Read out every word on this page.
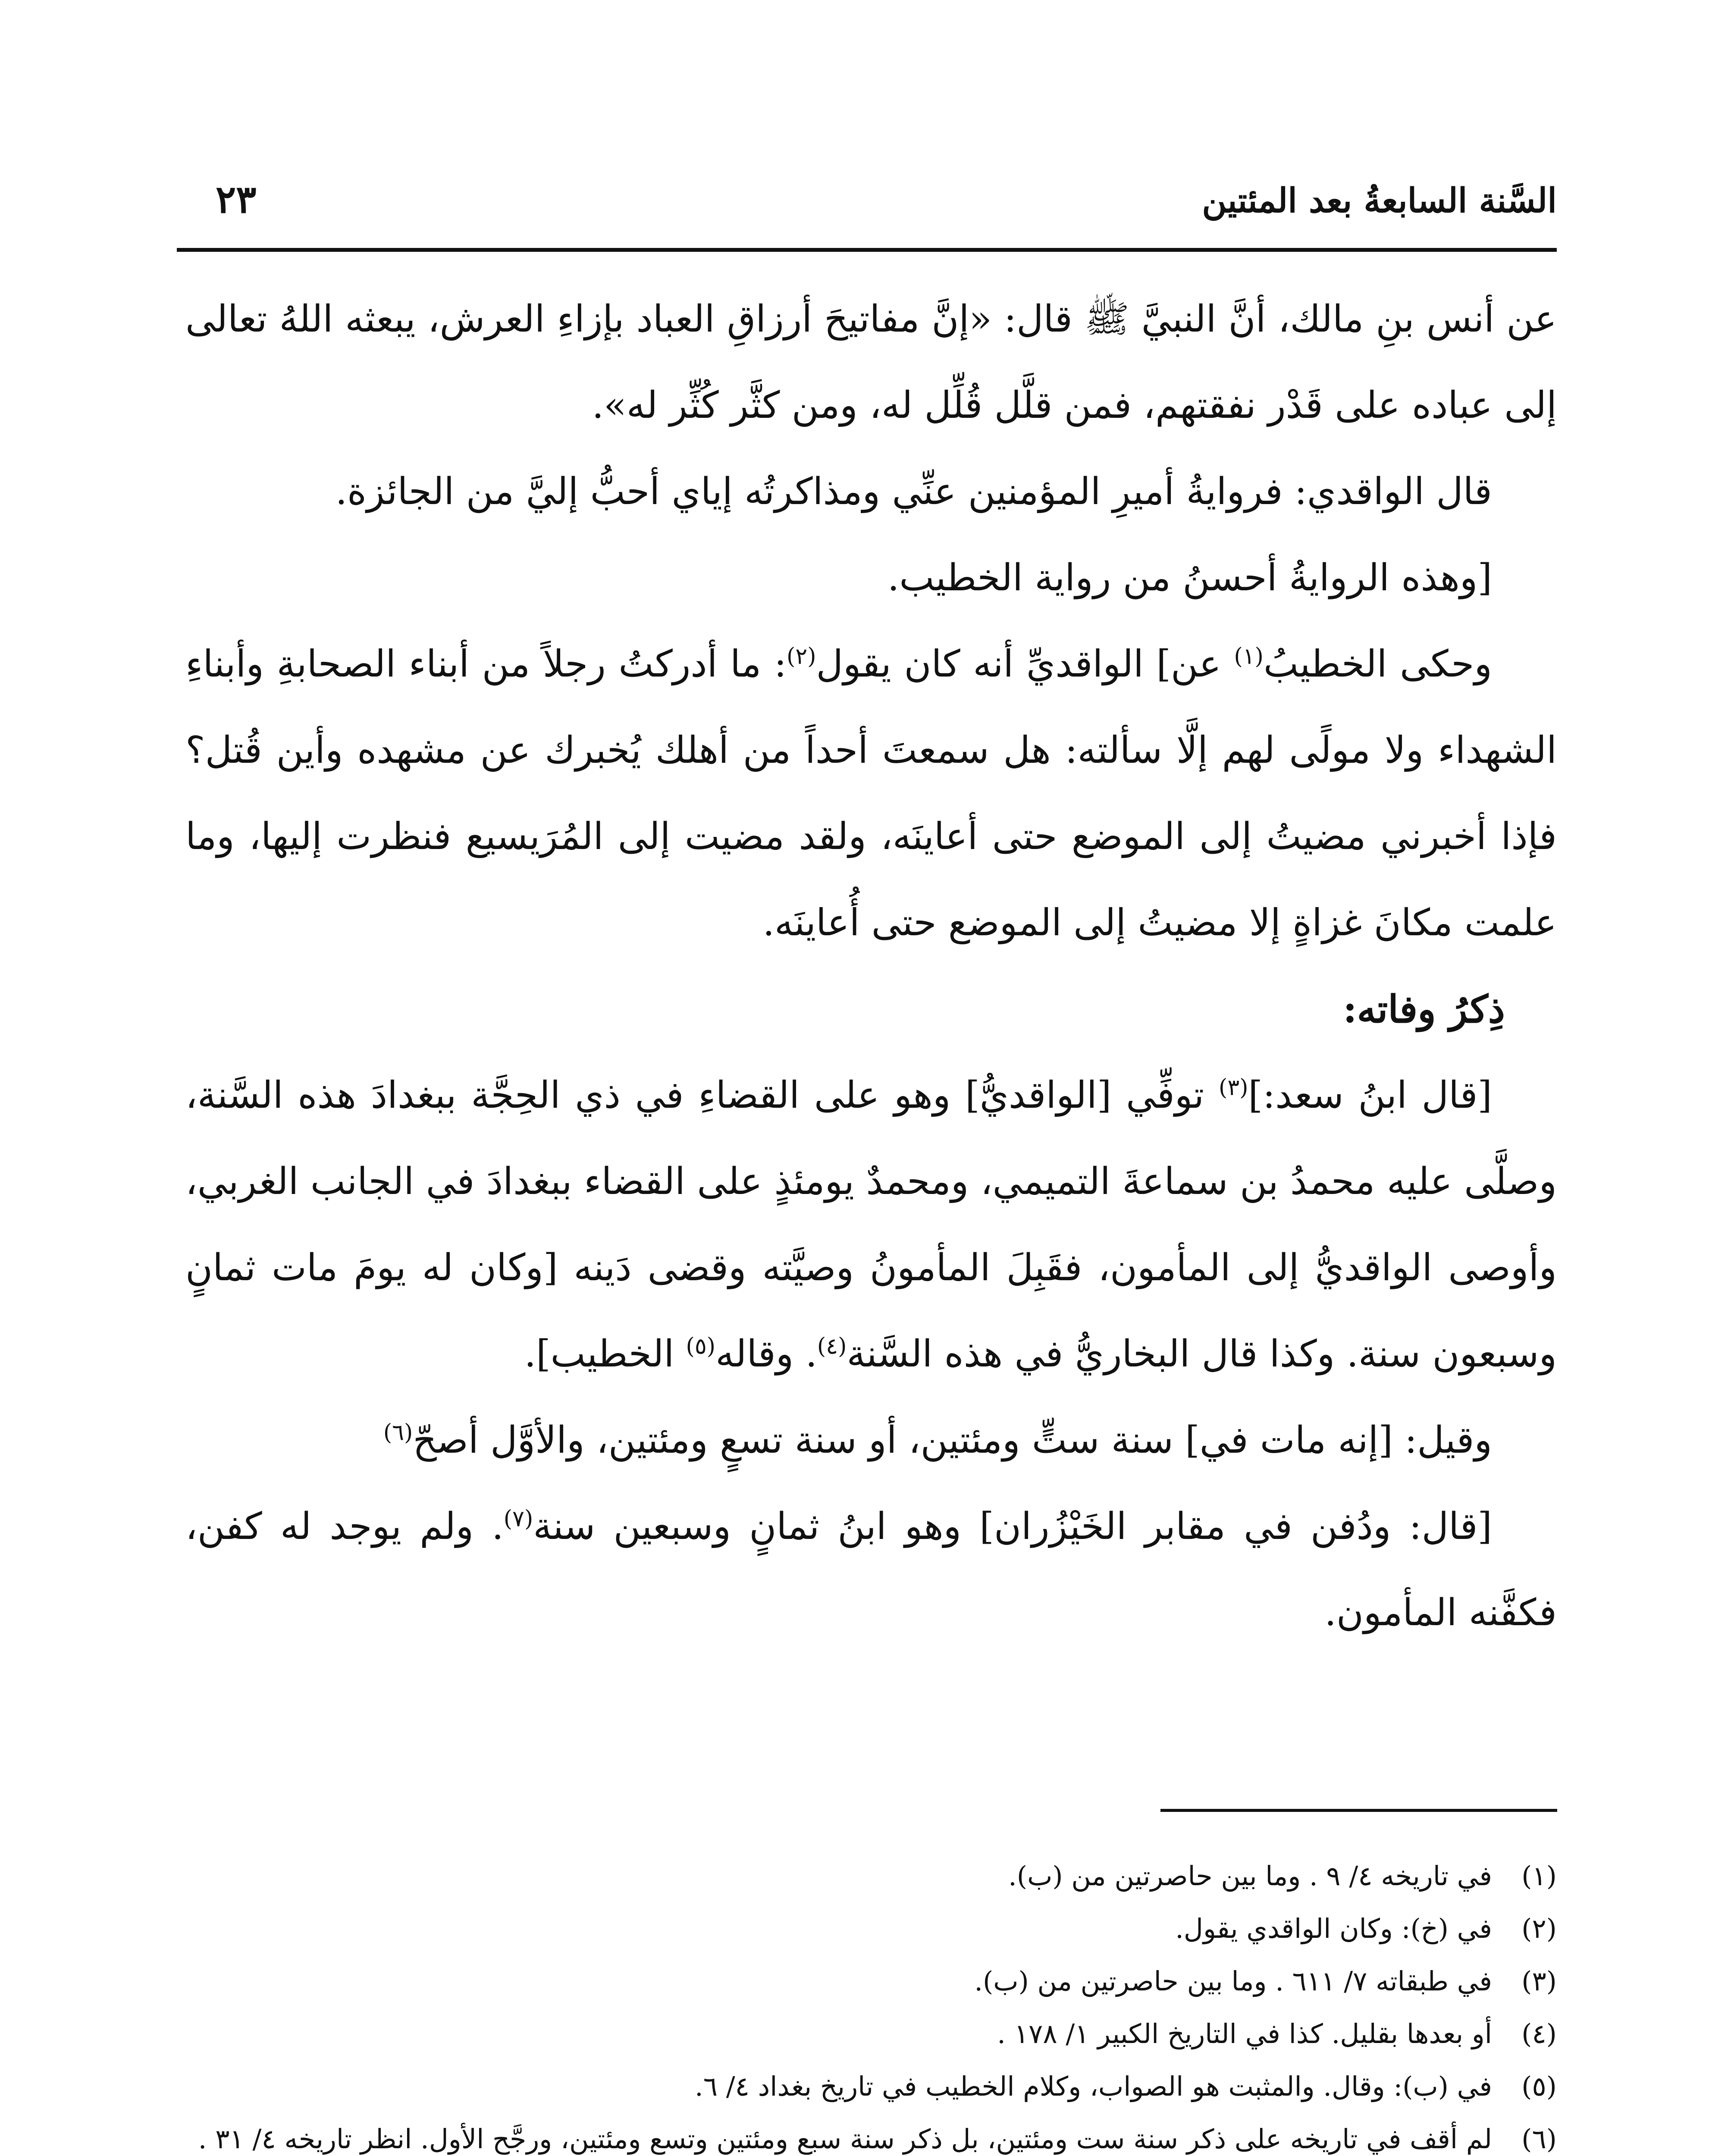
السَّنة السابعةُ بعد المئتين
٢٣

عن أنس بنِ مالك، أنَّ النبيَّ ﷺ قال: «إنَّ مفاتيحَ أرزاقِ العباد بإزاءِ العرش، يبعثه اللهُ تعالى إلى عباده على قَدْر نفقتهم، فمن قلَّل قُلِّل له، ومن كثَّر كُثِّر له».

قال الواقدي: فروايةُ أميرِ المؤمنين عنِّي ومذاكرتُه إياي أحبُّ إليَّ من الجائزة.

[وهذه الروايةُ أحسنُ من رواية الخطيب.

وحكى الخطيبُ$^{(١)}$ عن] الواقديِّ أنه كان يقول$^{(٢)}$: ما أدركتُ رجلاً من أبناء الصحابةِ وأبناءِ الشهداء ولا مولًى لهم إلَّا سألته: هل سمعتَ أحداً من أهلك يُخبرك عن مشهده وأين قُتل؟ فإذا أخبرني مضيتُ إلى الموضع حتى أعاينَه، ولقد مضيت إلى المُرَيسيع فنظرت إليها، وما علمت مكانَ غزاةٍ إلا مضيتُ إلى الموضع حتى أُعاينَه.

ذِكرُ وفاته:

[قال ابنُ سعد:]$^{(٣)}$ توفِّي [الواقديُّ] وهو على القضاءِ في ذي الحِجَّة ببغدادَ هذه السَّنة، وصلَّى عليه محمدُ بن سماعةَ التميمي، ومحمدٌ يومئذٍ على القضاء ببغدادَ في الجانب الغربي، وأوصى الواقديُّ إلى المأمون، فقَبِلَ المأمونُ وصيَّته وقضى دَينه [وكان له يومَ مات ثمانٍ وسبعون سنة. وكذا قال البخاريُّ في هذه السَّنة$^{(٤)}$. وقاله$^{(٥)}$ الخطيب].

وقيل: [إنه مات في] سنة ستٍّ ومئتين، أو سنة تسعٍ ومئتين، والأوَّل أصحّ$^{(٦)}$

[قال: ودُفن في مقابر الخَيْزُران] وهو ابنُ ثمانٍ وسبعين سنة$^{(٧)}$. ولم يوجد له كفن، فكفَّنه المأمون.

(١)في تاريخه ٤/ ٩ . وما بين حاصرتين من (ب).

(٢)في (خ): وكان الواقدي يقول.

(٣)في طبقاته ٧/ ٦١١ . وما بين حاصرتين من (ب).

(٤)أو بعدها بقليل. كذا في التاريخ الكبير ١/ ١٧٨ .

(٥)في (ب): وقال. والمثبت هو الصواب، وكلام الخطيب في تاريخ بغداد ٤/ ٦.

(٦)لم أقف في تاريخه على ذكر سنة ست ومئتين، بل ذكر سنة سبع ومئتين وتسع ومئتين، ورجَّح الأول. انظر تاريخه ٤/ ٣١ .
